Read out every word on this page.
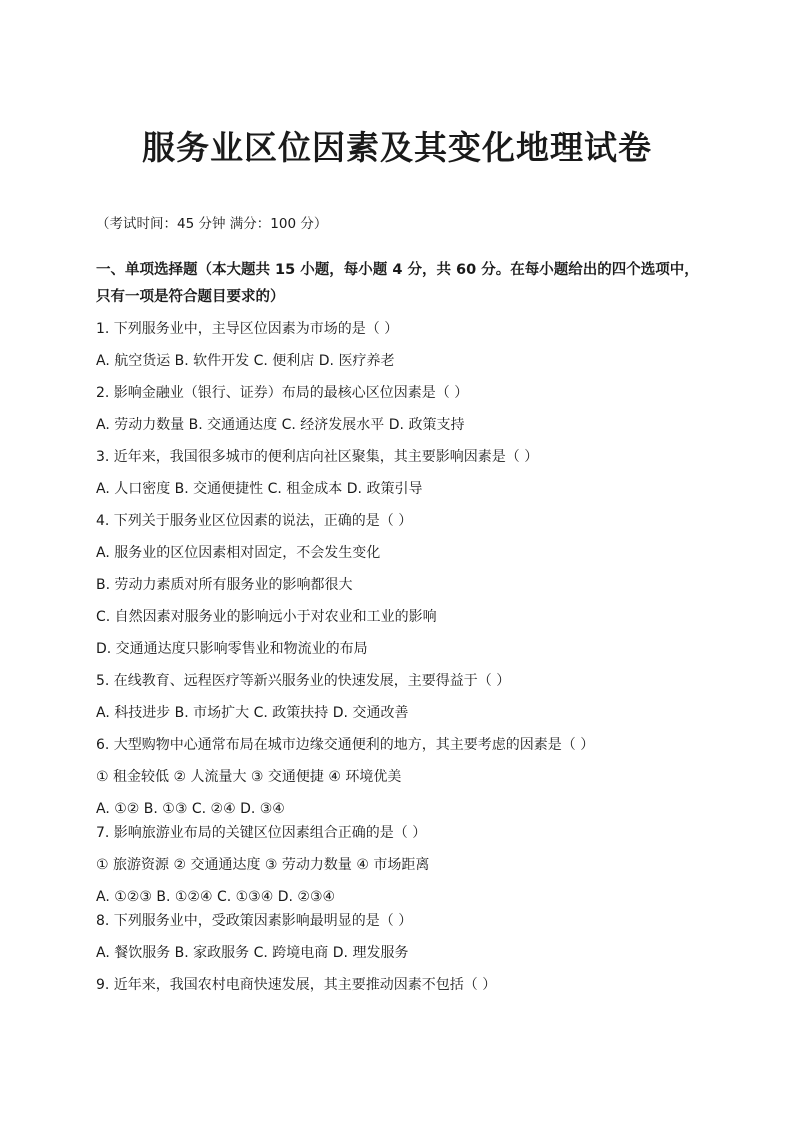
服务业区位因素及其变化地理试卷

（考试时间：45 分钟 满分：100 分）

一、单项选择题（本大题共 15 小题，每小题 4 分，共 60 分。在每小题给出的四个选项中，只有一项是符合题目要求的）

1. 下列服务业中，主导区位因素为市场的是（ ）
A. 航空货运 B. 软件开发 C. 便利店 D. 医疗养老
2. 影响金融业（银行、证券）布局的最核心区位因素是（ ）
A. 劳动力数量 B. 交通通达度 C. 经济发展水平 D. 政策支持
3. 近年来，我国很多城市的便利店向社区聚集，其主要影响因素是（ ）
A. 人口密度 B. 交通便捷性 C. 租金成本 D. 政策引导
4. 下列关于服务业区位因素的说法，正确的是（ ）
A. 服务业的区位因素相对固定，不会发生变化
B. 劳动力素质对所有服务业的影响都很大
C. 自然因素对服务业的影响远小于对农业和工业的影响
D. 交通通达度只影响零售业和物流业的布局
5. 在线教育、远程医疗等新兴服务业的快速发展，主要得益于（ ）
A. 科技进步 B. 市场扩大 C. 政策扶持 D. 交通改善
6. 大型购物中心通常布局在城市边缘交通便利的地方，其主要考虑的因素是（ ）
① 租金较低 ② 人流量大 ③ 交通便捷 ④ 环境优美
A. ①② B. ①③ C. ②④ D. ③④
7. 影响旅游业布局的关键区位因素组合正确的是（ ）
① 旅游资源 ② 交通通达度 ③ 劳动力数量 ④ 市场距离
A. ①②③ B. ①②④ C. ①③④ D. ②③④
8. 下列服务业中，受政策因素影响最明显的是（ ）
A. 餐饮服务 B. 家政服务 C. 跨境电商 D. 理发服务
9. 近年来，我国农村电商快速发展，其主要推动因素不包括（ ）
